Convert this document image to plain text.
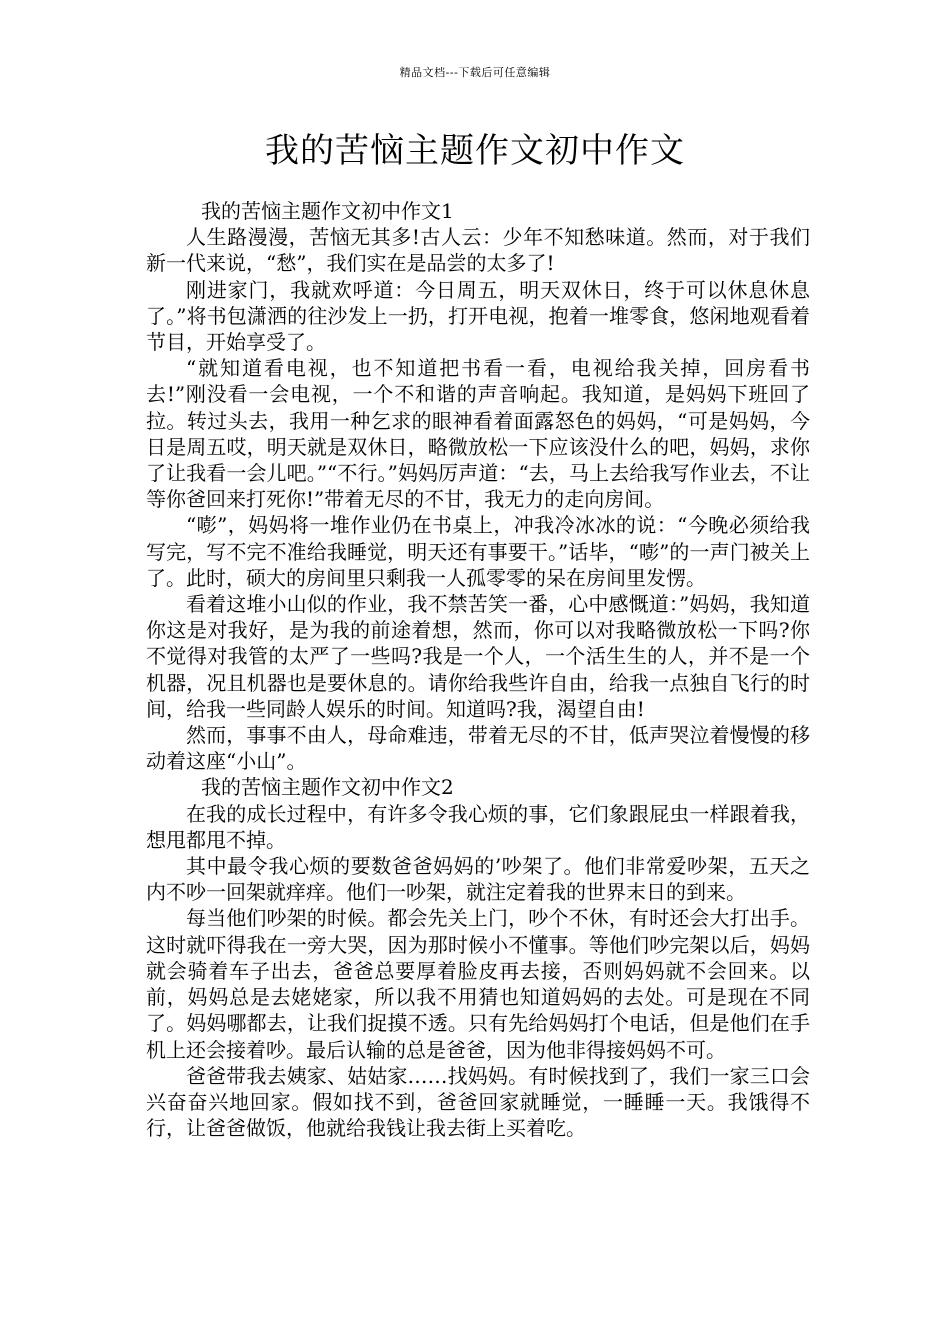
精品文档---下载后可任意编辑
我的苦恼主题作文初中作文

我的苦恼主题作文初中作文1

人生路漫漫，苦恼无其多!古人云：少年不知愁味道。然而，对于我们新一代来说，“愁”，我们实在是品尝的太多了!

刚进家门，我就欢呼道：今日周五，明天双休日，终于可以休息休息了。”将书包潇洒的往沙发上一扔，打开电视，抱着一堆零食，悠闲地观看着节目，开始享受了。

“就知道看电视，也不知道把书看一看，电视给我关掉，回房看书去!”刚没看一会电视，一个不和谐的声音响起。我知道，是妈妈下班回了拉。转过头去，我用一种乞求的眼神看着面露怒色的妈妈，“可是妈妈，今日是周五哎，明天就是双休日，略微放松一下应该没什么的吧，妈妈，求你了让我看一会儿吧。”“不行。”妈妈厉声道：“去，马上去给我写作业去，不让等你爸回来打死你!”带着无尽的不甘，我无力的走向房间。

“嘭”，妈妈将一堆作业仍在书桌上，冲我冷冰冰的说：“今晚必须给我写完，写不完不准给我睡觉，明天还有事要干。”话毕，“嘭”的一声门被关上了。此时，硕大的房间里只剩我一人孤零零的呆在房间里发愣。

看着这堆小山似的作业，我不禁苦笑一番，心中感慨道：”妈妈，我知道你这是对我好，是为我的前途着想，然而，你可以对我略微放松一下吗?你不觉得对我管的太严了一些吗?我是一个人，一个活生生的人，并不是一个机器，况且机器也是要休息的。请你给我些许自由，给我一点独自飞行的时间，给我一些同龄人娱乐的时间。知道吗?我，渴望自由!

然而，事事不由人，母命难违，带着无尽的不甘，低声哭泣着慢慢的移动着这座“小山”。

我的苦恼主题作文初中作文2

在我的成长过程中，有许多令我心烦的事，它们象跟屁虫一样跟着我，想甩都甩不掉。

其中最令我心烦的要数爸爸妈妈的’吵架了。他们非常爱吵架，五天之内不吵一回架就痒痒。他们一吵架，就注定着我的世界末日的到来。

每当他们吵架的时候。都会先关上门，吵个不休，有时还会大打出手。这时就吓得我在一旁大哭，因为那时候小不懂事。等他们吵完架以后，妈妈就会骑着车子出去，爸爸总要厚着脸皮再去接，否则妈妈就不会回来。以前，妈妈总是去姥姥家，所以我不用猜也知道妈妈的去处。可是现在不同了。妈妈哪都去，让我们捉摸不透。只有先给妈妈打个电话，但是他们在手机上还会接着吵。最后认输的总是爸爸，因为他非得接妈妈不可。

爸爸带我去姨家、姑姑家……找妈妈。有时候找到了，我们一家三口会兴奋奋兴地回家。假如找不到，爸爸回家就睡觉，一睡睡一天。我饿得不行，让爸爸做饭，他就给我钱让我去街上买着吃。
